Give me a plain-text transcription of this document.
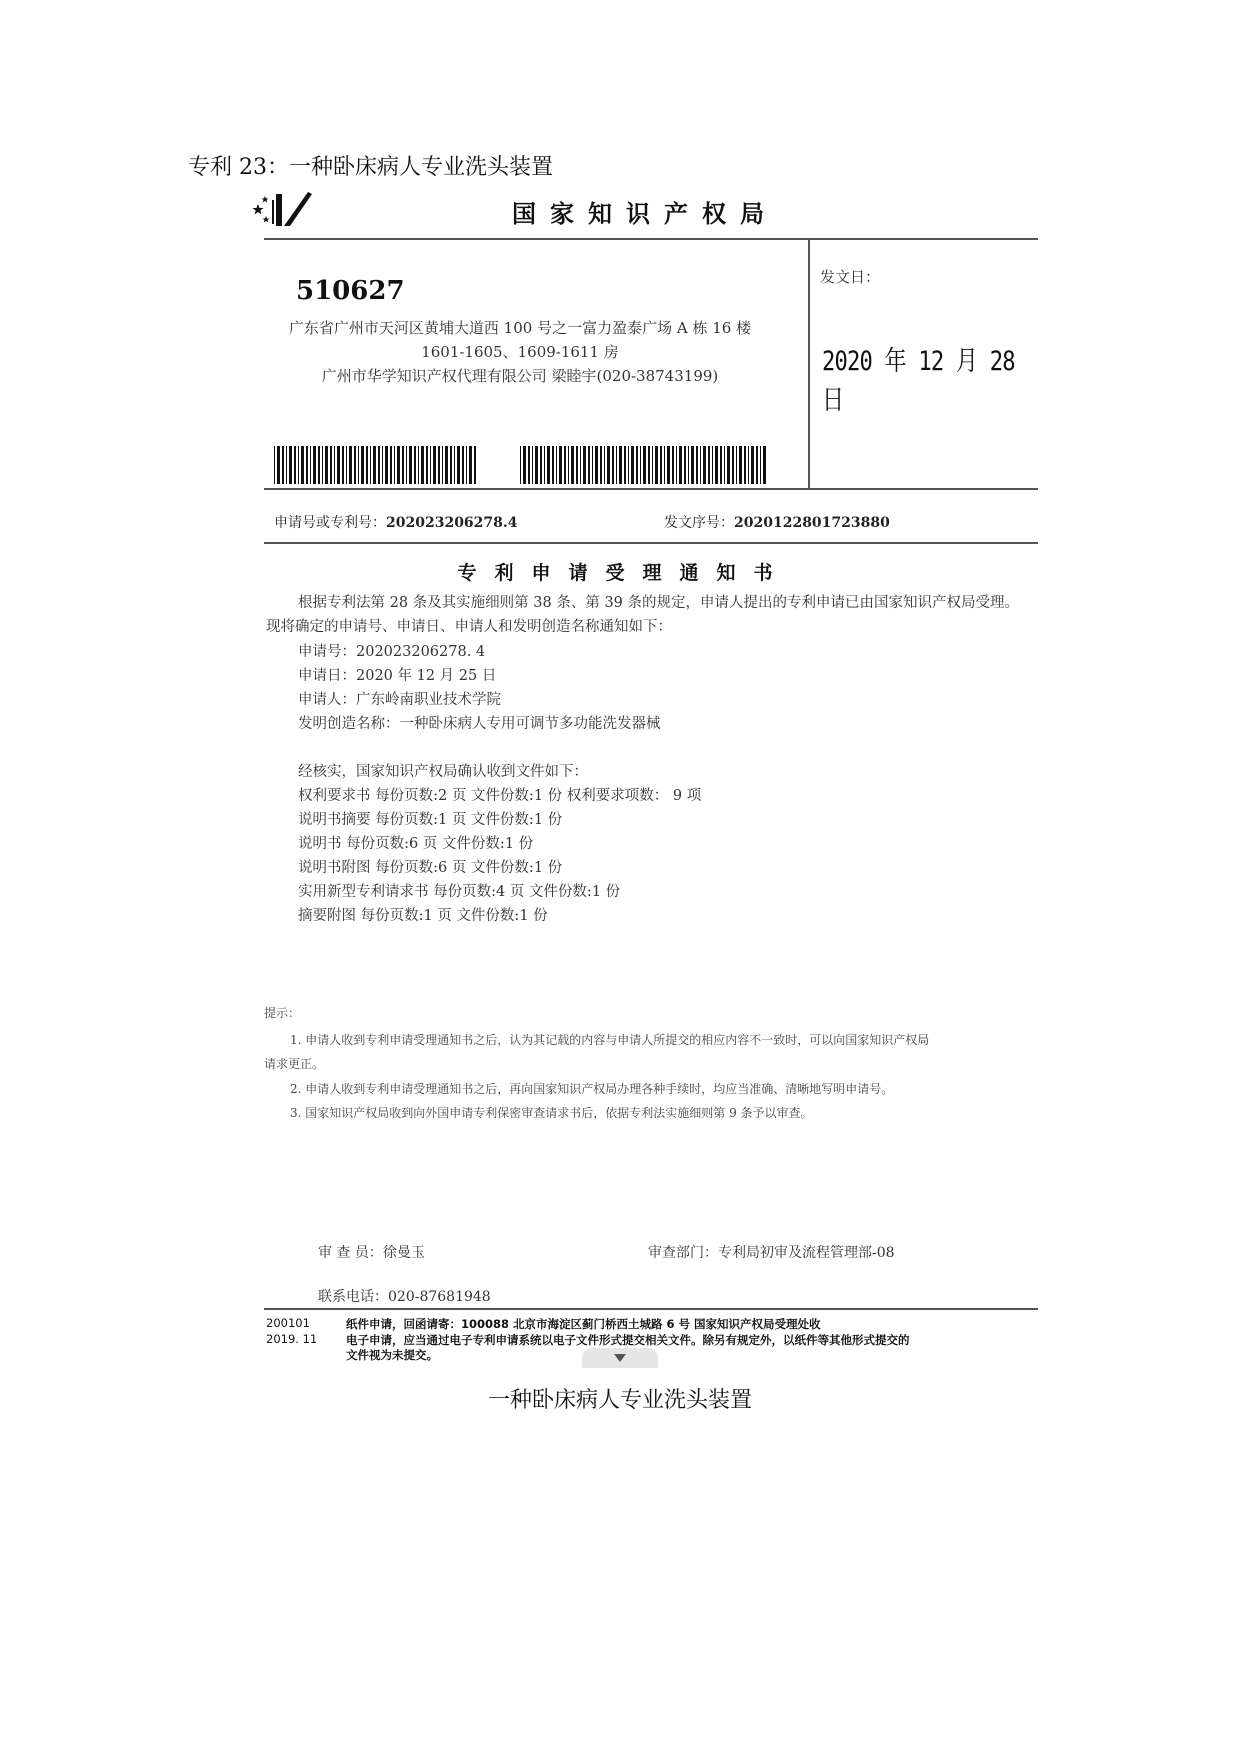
专利 23：一种卧床病人专业洗头装置
国家知识产权局
510627
广东省广州市天河区黄埔大道西 100 号之一富力盈泰广场 A 栋 16 楼
1601-1605、1609-1611 房
广州市华学知识产权代理有限公司 梁睦宇(020-38743199)
发文日：
2020 年 12 月 28 日
申请号或专利号：202023206278.4	发文序号：2020122801723880
专利申请受理通知书
根据专利法第 28 条及其实施细则第 38 条、第 39 条的规定，申请人提出的专利申请已由国家知识产权局受理。现将确定的申请号、申请日、申请人和发明创造名称通知如下：
申请号：202023206278. 4
申请日：2020 年 12 月 25 日
申请人：广东岭南职业技术学院
发明创造名称：一种卧床病人专用可调节多功能洗发器械
经核实，国家知识产权局确认收到文件如下：
权利要求书 每份页数:2 页 文件份数:1 份 权利要求项数： 9 项
说明书摘要 每份页数:1 页 文件份数:1 份
说明书 每份页数:6 页 文件份数:1 份
说明书附图 每份页数:6 页 文件份数:1 份
实用新型专利请求书 每份页数:4 页 文件份数:1 份
摘要附图 每份页数:1 页 文件份数:1 份
提示：
1. 申请人收到专利申请受理通知书之后，认为其记载的内容与申请人所提交的相应内容不一致时，可以向国家知识产权局
请求更正。
2. 申请人收到专利申请受理通知书之后，再向国家知识产权局办理各种手续时，均应当准确、清晰地写明申请号。
3. 国家知识产权局收到向外国申请专利保密审查请求书后，依据专利法实施细则第 9 条予以审查。
审 查 员：徐曼玉	审查部门：专利局初审及流程管理部-08
联系电话：020-87681948
200101
2019. 11
纸件申请，回函请寄：100088 北京市海淀区蓟门桥西土城路 6 号 国家知识产权局受理处收
电子申请，应当通过电子专利申请系统以电子文件形式提交相关文件。除另有规定外，以纸件等其他形式提交的
文件视为未提交。
一种卧床病人专业洗头装置
